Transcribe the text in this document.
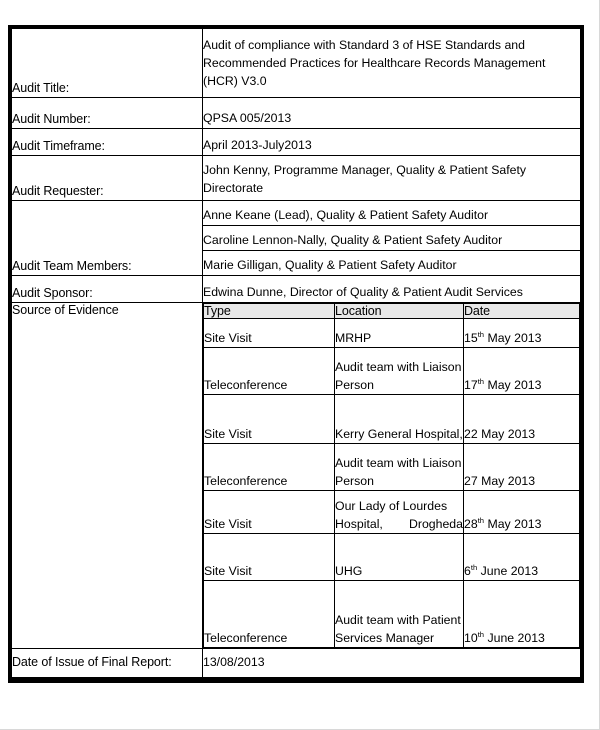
Audit Title:	Audit of compliance with Standard 3 of HSE Standards and Recommended Practices for Healthcare Records Management (HCR) V3.0
Audit Number:	QPSA 005/2013
Audit Timeframe:	April 2013-July2013
Audit Requester:	John Kenny, Programme Manager, Quality & Patient Safety Directorate
Audit Team Members:	Anne Keane (Lead), Quality & Patient Safety Auditor
Caroline Lennon-Nally, Quality & Patient Safety Auditor
Marie Gilligan, Quality & Patient Safety Auditor
Audit Sponsor:	Edwina Dunne, Director of Quality & Patient Audit Services
Source of Evidence		Type	Location	Date
Site Visit	MRHP	15th May 2013
Teleconference	Audit team with Liaison Person	17th May 2013
Site Visit	Kerry General Hospital,	22 May 2013
Teleconference	Audit team with Liaison Person	27 May 2013
Site Visit	Our Lady of Lourdes Hospital, Drogheda	28th May 2013
Site Visit	UHG	6th June 2013
Teleconference	Audit team with Patient Services Manager	10th June 2013

Date of Issue of Final Report:	13/08/2013
